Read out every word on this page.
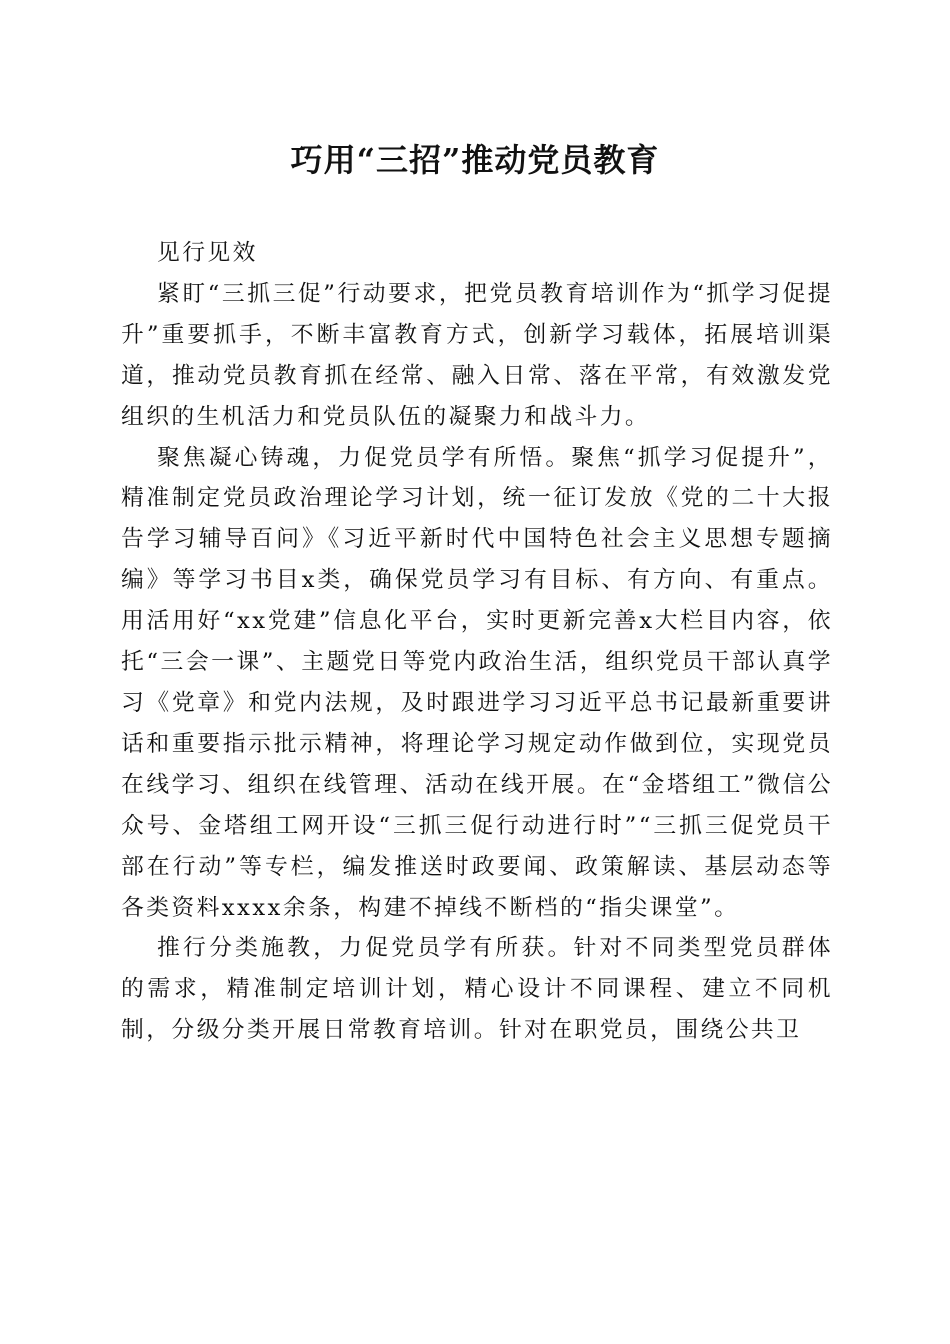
巧用“三招”推动党员教育

见行见效

紧盯“三抓三促”行动要求，把党员教育培训作为“抓学习促提升”重要抓手，不断丰富教育方式，创新学习载体，拓展培训渠道，推动党员教育抓在经常、融入日常、落在平常，有效激发党组织的生机活力和党员队伍的凝聚力和战斗力。

聚焦凝心铸魂，力促党员学有所悟。聚焦“抓学习促提升”，精准制定党员政治理论学习计划，统一征订发放《党的二十大报告学习辅导百问》《习近平新时代中国特色社会主义思想专题摘编》等学习书目x类，确保党员学习有目标、有方向、有重点。用活用好“xx党建”信息化平台，实时更新完善x大栏目内容，依托“三会一课”、主题党日等党内政治生活，组织党员干部认真学习《党章》和党内法规，及时跟进学习习近平总书记最新重要讲话和重要指示批示精神，将理论学习规定动作做到位，实现党员在线学习、组织在线管理、活动在线开展。在“金塔组工”微信公众号、金塔组工网开设“三抓三促行动进行时”“三抓三促党员干部在行动”等专栏，编发推送时政要闻、政策解读、基层动态等各类资料xxxx余条，构建不掉线不断档的“指尖课堂”。

推行分类施教，力促党员学有所获。针对不同类型党员群体的需求，精准制定培训计划，精心设计不同课程、建立不同机制，分级分类开展日常教育培训。针对在职党员，围绕公共卫
